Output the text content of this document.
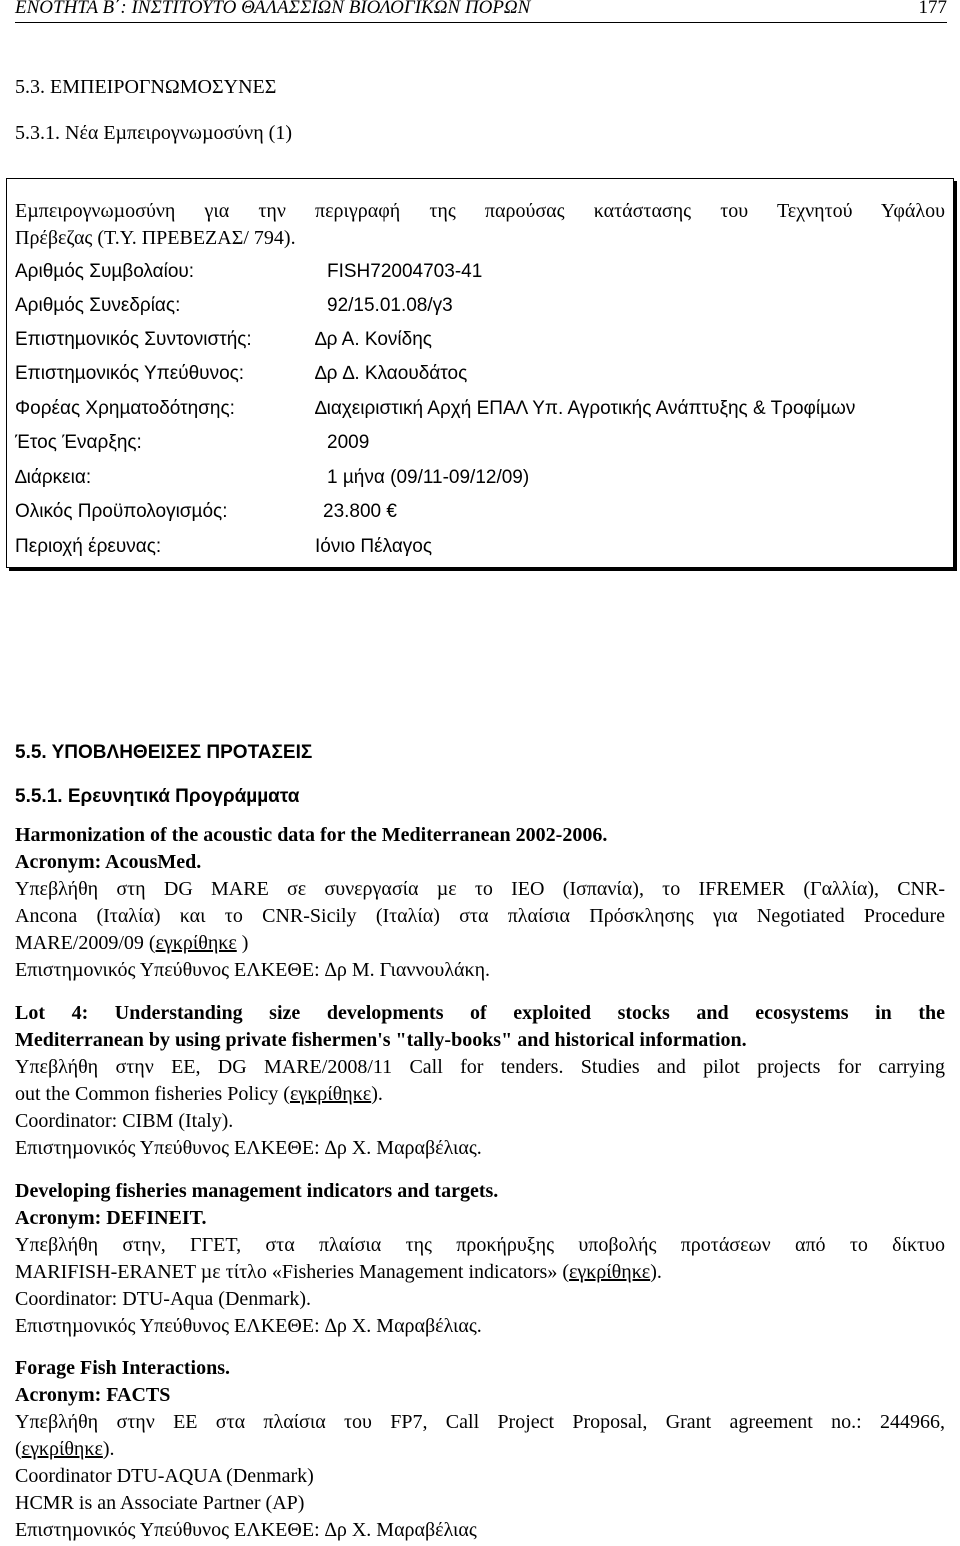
ΕΝΟΤΗΤΑ Β΄: ΙΝΣΤΙΤΟΥΤΟ ΘΑΛΑΣΣΙΩΝ ΒΙΟΛΟΓΙΚΩΝ ΠΟΡΩΝ	177
5.3. ΕΜΠΕΙΡΟΓΝΩΜΟΣΥΝΕΣ
5.3.1. Νέα Εµπειρογνωµοσύνη (1)
Εµπειρογνωµοσύνη για την περιγραφή της παρούσας κατάστασης του Τεχνητού Υφάλου
Πρέβεζας (Τ.Υ. ΠΡΕΒΕΖΑΣ/ 794).
Αριθµός Συµβολαίου:	FISH72004703-41
Αριθµός Συνεδρίας:	92/15.01.08/γ3
Επιστηµονικός Συντονιστής:	∆ρ Α. Κονίδης
Επιστηµονικός Υπεύθυνος:	∆ρ ∆. Κλαουδάτος
Φορέας Χρηµατοδότησης:	∆ιαχειριστική Αρχή ΕΠΑΛ Υπ. Αγροτικής Ανάπτυξης & Τροφίµων
Έτος Έναρξης:	2009
∆ιάρκεια:	1 µήνα (09/11-09/12/09)
Ολικός Προϋπολογισµός:	23.800 €
Περιοχή έρευνας:	Ιόνιο Πέλαγος
5.5. ΥΠΟΒΛΗΘΕΙΣΕΣ ΠΡΟΤΑΣΕΙΣ
5.5.1. Ερευνητικά Προγράµµατα
Harmonization of the acoustic data for the Mediterranean 2002-2006.
Acronym: AcousMed.
Υπεβλήθη στη DG MARE σε συνεργασία µε το IEO (Ισπανία), το IFREMER (Γαλλία), CNR-
Ancona (Ιταλία) και το CNR-Sicily (Ιταλία) στα πλαίσια Πρόσκλησης για Negotiated Procedure
MARE/2009/09 (εγκρίθηκε )
Επιστηµονικός Υπεύθυνος ΕΛΚΕΘΕ: ∆ρ Μ. Γιαννουλάκη.
Lot 4: Understanding size developments of exploited stocks and ecosystems in the
Mediterranean by using private fishermen's "tally-books" and historical information.
Υπεβλήθη στην ΕΕ, DG MARE/2008/11 Call for tenders. Studies and pilot projects for carrying
out the Common fisheries Policy (εγκρίθηκε).
Coordinator: CIBM (Italy).
Επιστηµονικός Υπεύθυνος ΕΛΚΕΘΕ: ∆ρ Χ. Μαραβέλιας.
Developing fisheries management indicators and targets.
Acronym: DEFINEIT.
Υπεβλήθη στην, ΓΓΕΤ, στα πλαίσια της προκήρυξης υποβολής προτάσεων από το δίκτυο
MARIFISH-ERANET µε τίτλο «Fisheries Management indicators» (εγκρίθηκε).
Coordinator: DTU-Aqua (Denmark).
Επιστηµονικός Υπεύθυνος ΕΛΚΕΘΕ: ∆ρ Χ. Μαραβέλιας.
Forage Fish Interactions.
Acronym: FACTS
Υπεβλήθη στην ΕΕ στα πλαίσια του FP7, Call Project Proposal, Grant agreement no.: 244966,
(εγκρίθηκε).
Coordinator DTU-AQUA (Denmark)
HCMR is an Associate Partner (AP)
Επιστηµονικός Υπεύθυνος ΕΛΚΕΘΕ: ∆ρ Χ. Μαραβέλιας
